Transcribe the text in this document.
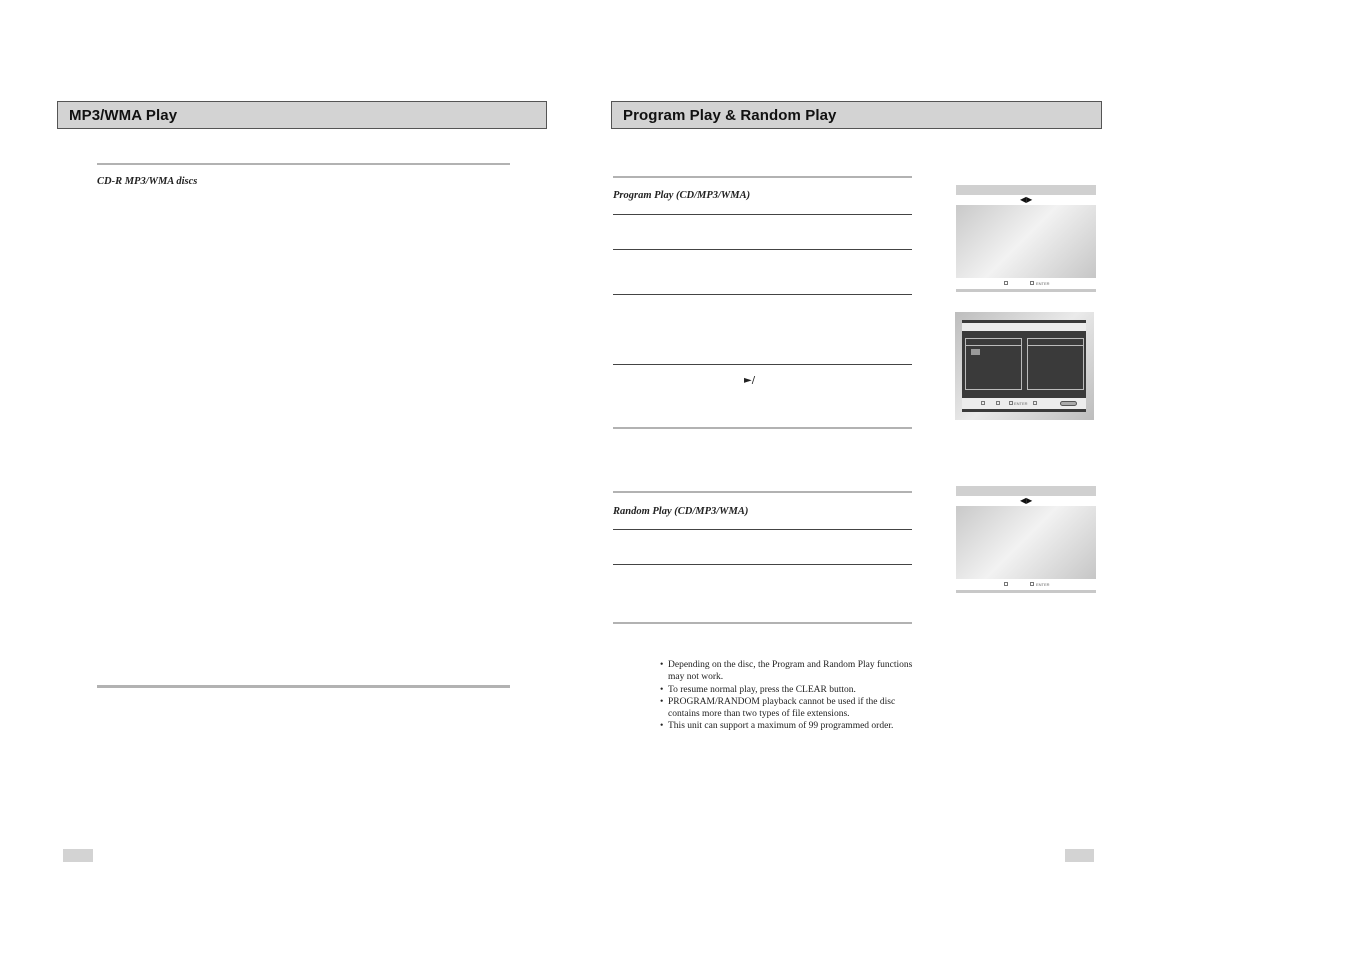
MP3/WMA Play
CD-R MP3/WMA discs
Program Play & Random Play
Program Play (CD/MP3/WMA)
►/
Random Play (CD/MP3/WMA)
• Depending on the disc, the Program and Random Play functions may not work.
• To resume normal play, press the CLEAR button.
• PROGRAM/RANDOM playback cannot be used if the disc contains more than two types of file extensions.
• This unit can support a maximum of 99 programmed order.
◀▶
ENTER
ENTER
◀▶
ENTER
